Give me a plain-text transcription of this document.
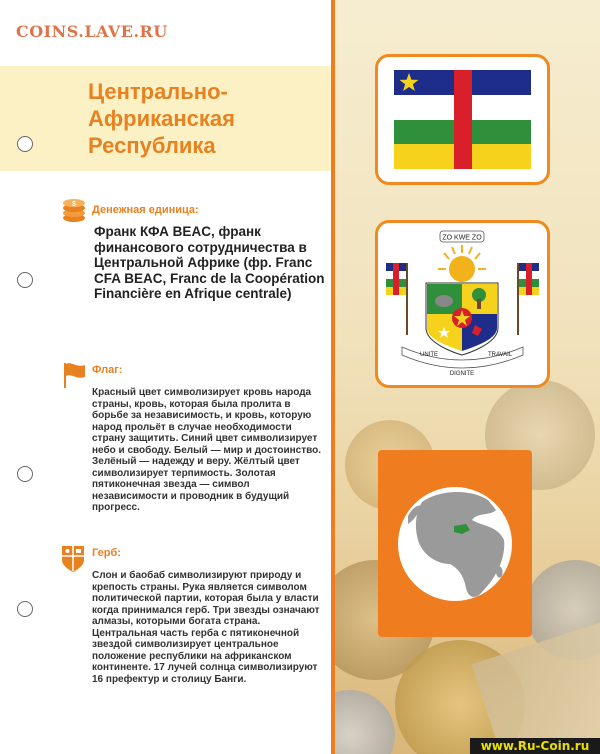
COINS.LAVE.RU
Центрально-
Африканская
Республика
$ Денежная единица:
Франк КФА BEAC, франк финансового сотрудничества в Центральной Африке (фр. Franc CFA BEAC, Franc de la Coopération Financière en Afrique centrale)
Флаг:
Красный цвет символизирует кровь народа страны, кровь, которая была пролита в борьбе за независимость, и кровь, которую народ прольёт в случае необходимости страну защитить. Синий цвет символизирует небо и свободу. Белый — мир и достоинство. Зелёный — надежду и веру. Жёлтый цвет символизирует терпимость. Золотая пятиконечная звезда — символ независимости и проводник в будущий прогресс.
Герб:
Слон и баобаб символизируют природу и крепость страны. Рука является символом политической партии, которая была у власти когда принимался герб. Три звезды означают алмазы, которыми богата страна. Центральная часть герба с пятиконечной звездой символизирует центральное положение республики на африканском континенте. 17 лучей солнца символизируют 16 префектур и столицу Банги.
ZO KWE ZO
UNITE	TRAVAIL
DIGNITE
www.Ru-Coin.ru
